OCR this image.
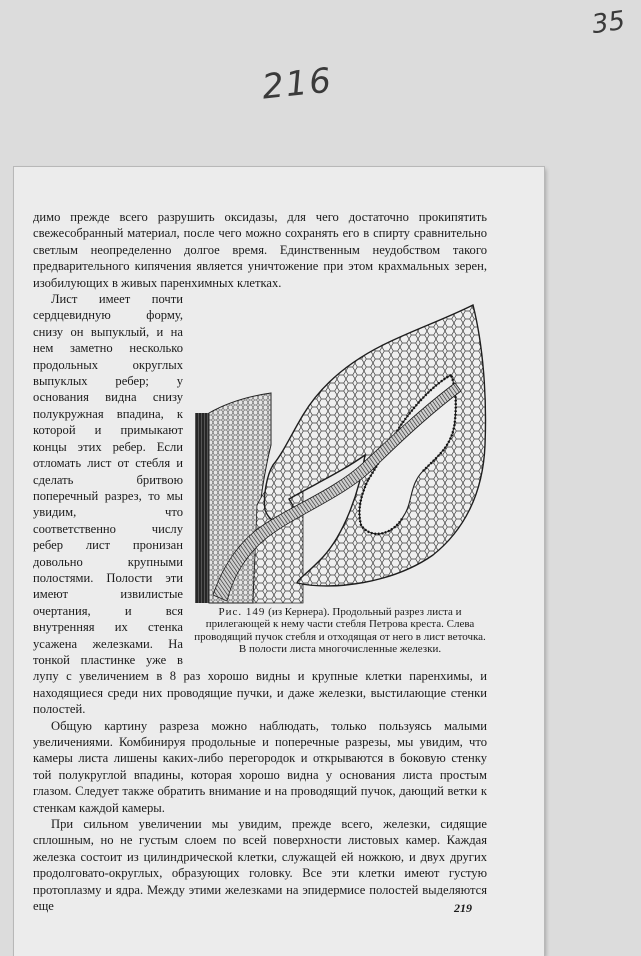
35
216

димо прежде всего разрушить оксидазы, для чего достаточно прокипятить свежесобранный материал, после чего можно сохранять его в спирту сравнительно светлым неопределенно долгое время. Единственным неудобством такого предварительного кипячения является уничтожение при этом крахмальных зерен, изобилующих в живых паренхимных клетках.

Рис. 149 (из Кернера). Продольный разрез листа и прилегающей к нему части стебля Петрова креста. Слева проводящий пучок стебля и отходящая от него в лист веточка. В полости листа многочисленные железки.

Лист имеет почти сердцевидную форму, снизу он выпуклый, и на нем заметно несколько продольных округлых выпуклых ребер; у основания видна снизу полукружная впадина, к которой и примыкают концы этих ребер. Если отломать лист от стебля и сделать бритвою поперечный разрез, то мы увидим, что соответственно числу ребер лист пронизан довольно крупными полостями. Полости эти имеют извилистые очертания, и вся внутренняя их стенка усажена железками. На тонкой пластинке уже в лупу с увеличением в 8 раз хорошо видны и крупные клетки паренхимы, и находящиеся среди них проводящие пучки, и даже железки, выстилающие стенки полостей.

Общую картину разреза можно наблюдать, только пользуясь малыми увеличениями. Комбинируя продольные и поперечные разрезы, мы увидим, что камеры листа лишены каких-либо перегородок и открываются в боковую стенку той полукруглой впадины, которая хорошо видна у основания листа простым глазом. Следует также обратить внимание и на проводящий пучок, дающий ветки к стенкам каждой камеры.

При сильном увеличении мы увидим, прежде всего, железки, сидящие сплошным, но не густым слоем по всей поверхности листовых камер. Каждая железка состоит из цилиндрической клетки, служащей ей ножкою, и двух других продолговато-округлых, образующих головку. Все эти клетки имеют густую протоплазму и ядра. Между этими железками на эпидермисе полостей выделяются еще	219
